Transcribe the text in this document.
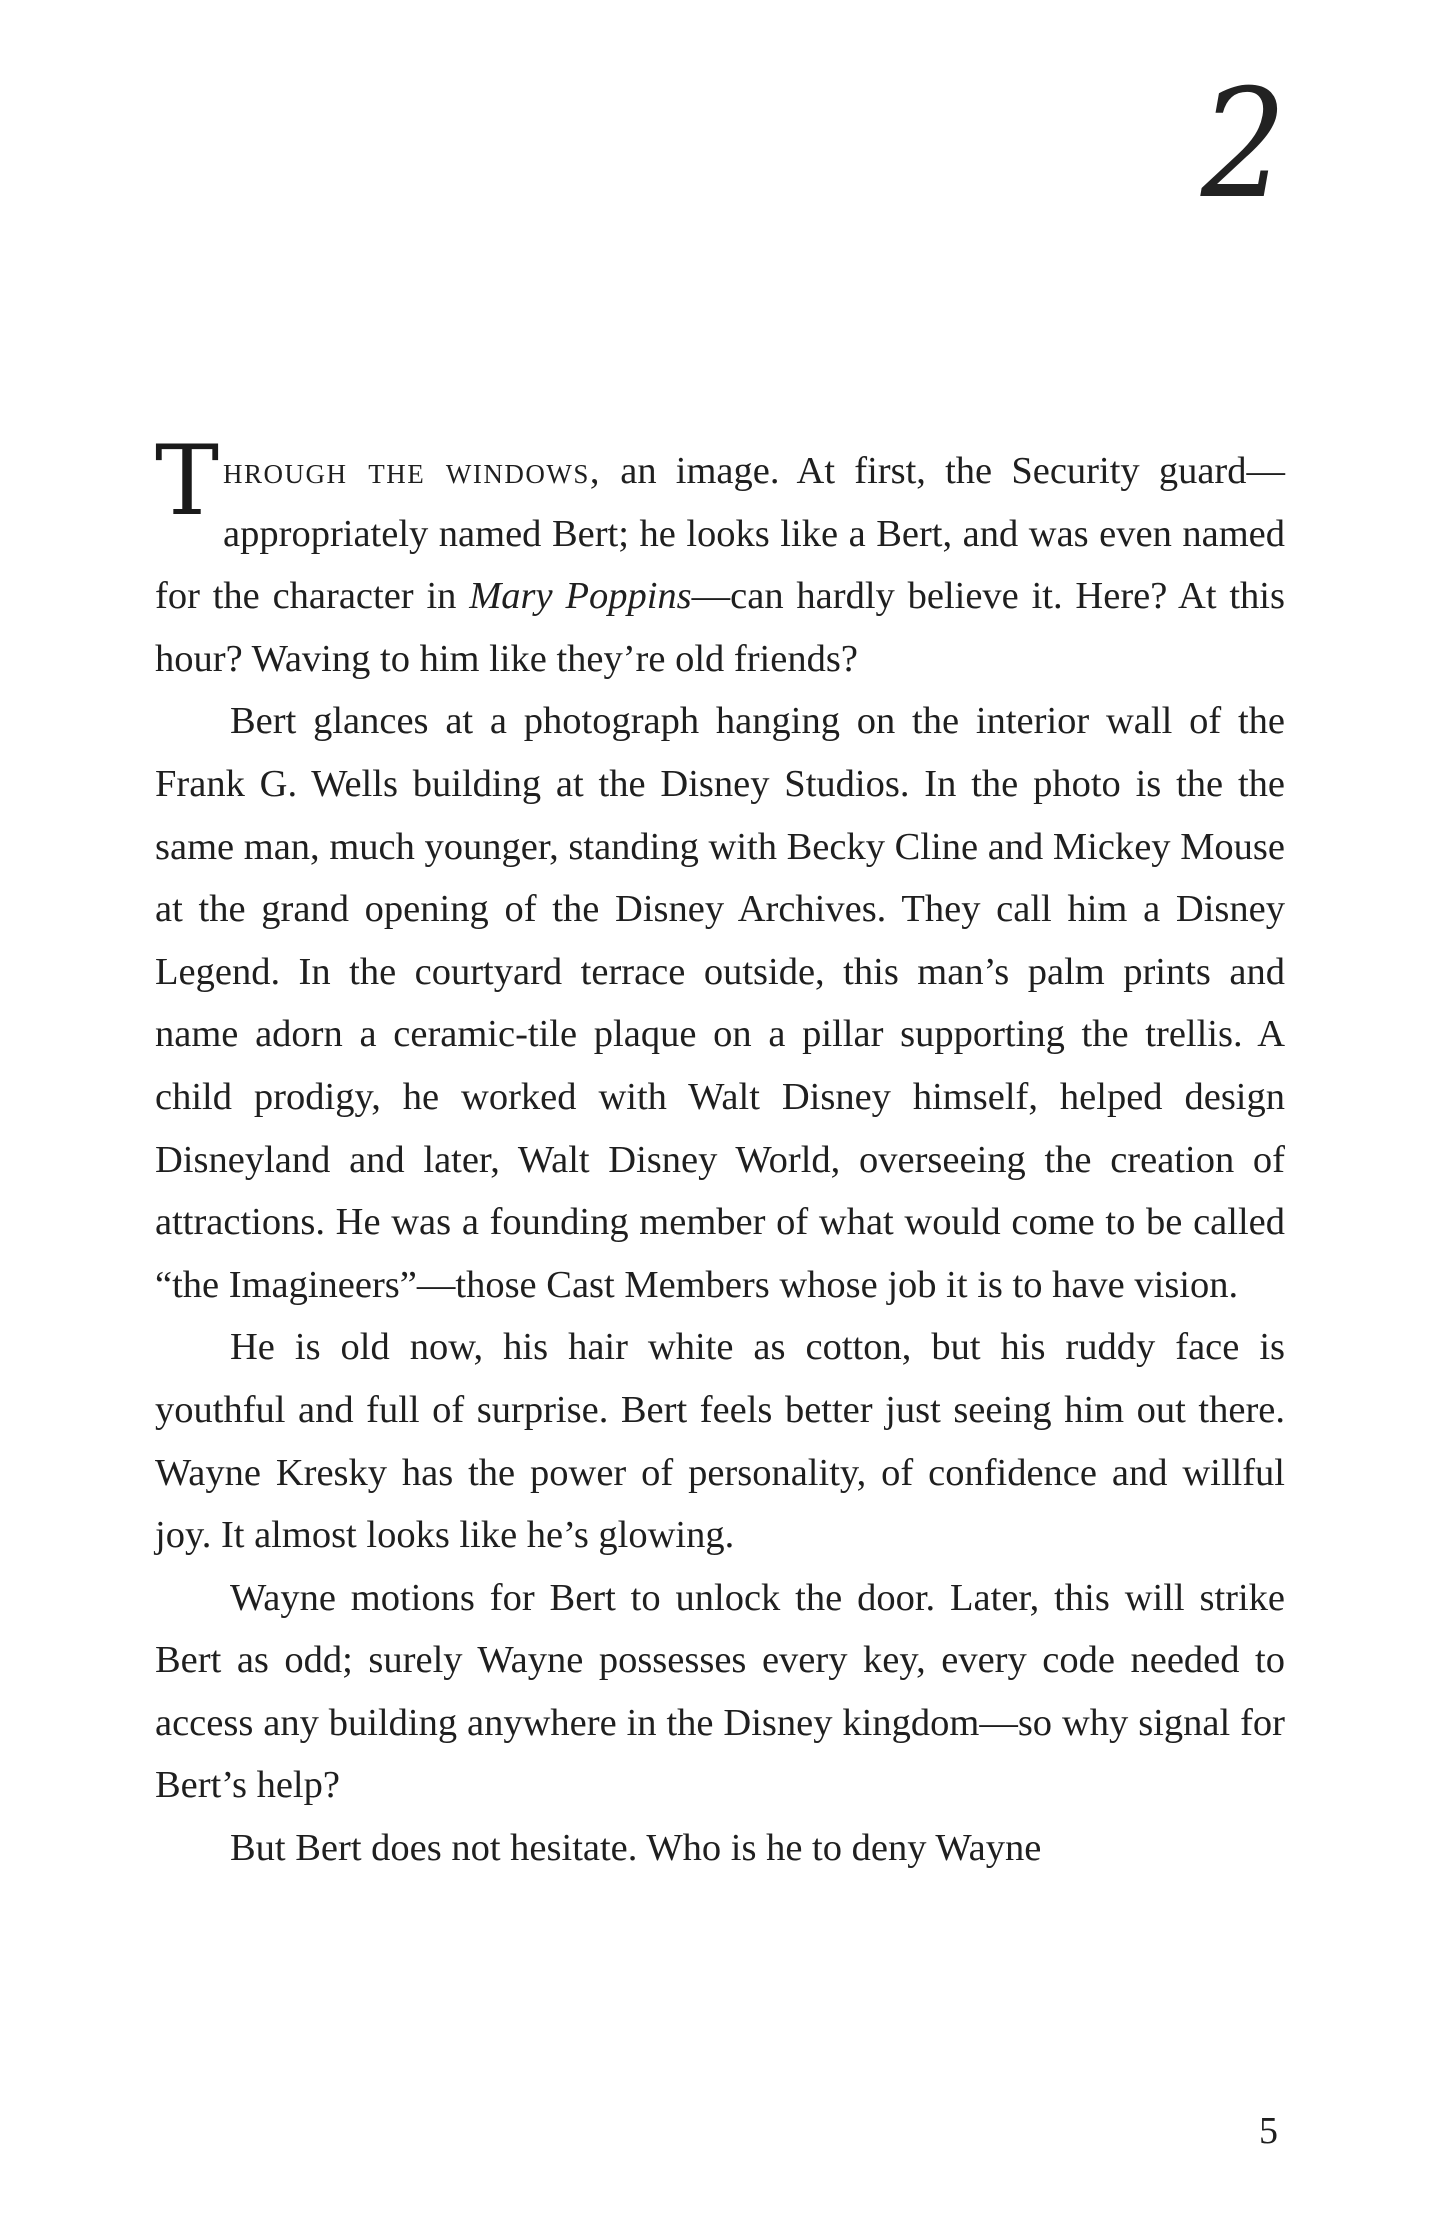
2

Through the windows, an image. At first, the Security guard—appropriately named Bert; he looks like a Bert, and was even named for the character in Mary Poppins—can hardly believe it. Here? At this hour? Waving to him like they’re old friends?

Bert glances at a photograph hanging on the interior wall of the Frank G. Wells building at the Disney Studios. In the photo is the the same man, much younger, standing with Becky Cline and Mickey Mouse at the grand opening of the Disney Archives. They call him a Disney Legend. In the courtyard terrace outside, this man’s palm prints and name adorn a ceramic-tile plaque on a pillar supporting the trellis. A child prodigy, he worked with Walt Disney himself, helped design Disneyland and later, Walt Disney World, overseeing the creation of attractions. He was a founding member of what would come to be called “the Imagineers”—those Cast Members whose job it is to have vision.

He is old now, his hair white as cotton, but his ruddy face is youthful and full of surprise. Bert feels better just seeing him out there. Wayne Kresky has the power of personality, of confidence and willful joy. It almost looks like he’s glowing.

Wayne motions for Bert to unlock the door. Later, this will strike Bert as odd; surely Wayne possesses every key, every code needed to access any building anywhere in the Disney kingdom—so why signal for Bert’s help?

But Bert does not hesitate. Who is he to deny Wayne

5
